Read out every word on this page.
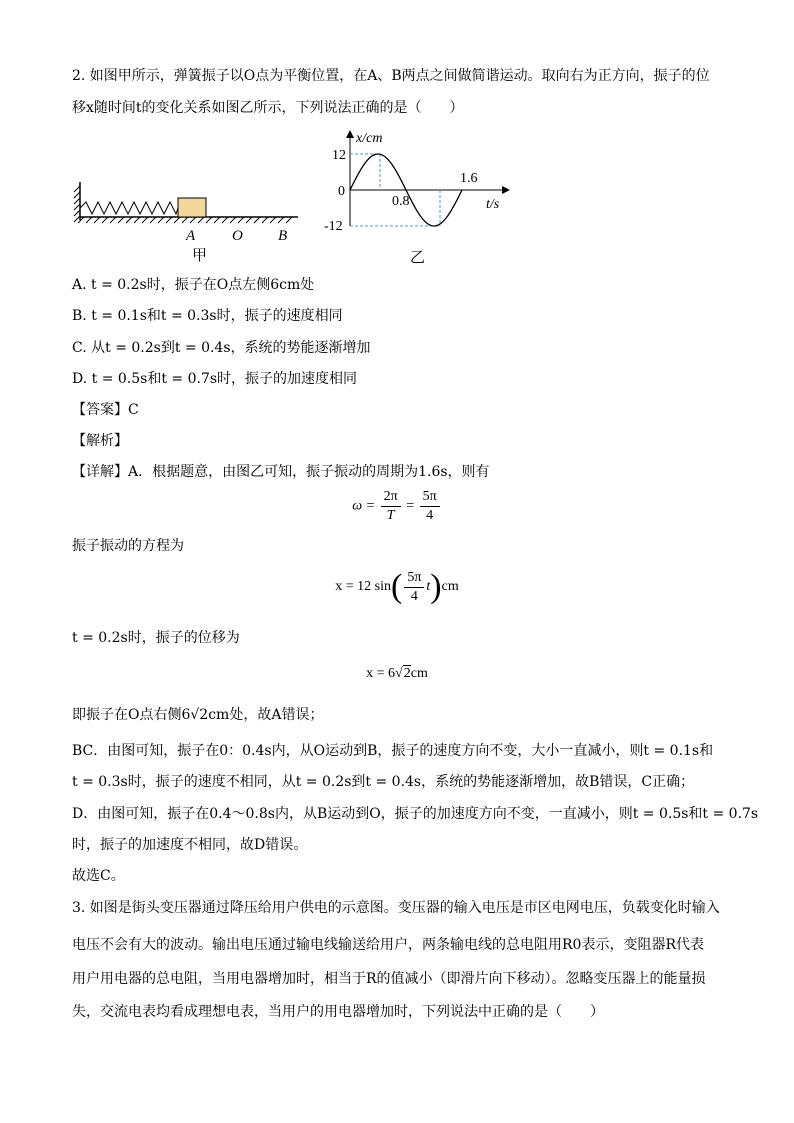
2. 如图甲所示，弹簧振子以O点为平衡位置，在A、B两点之间做简谐运动。取向右为正方向，振子的位
移x随时间t的变化关系如图乙所示，下列说法正确的是（　　）
A O B
甲
x/cm
t/s
12
0
-12
0.8
1.6
乙
A. t = 0.2s时，振子在O点左侧6cm处
B. t = 0.1s和t = 0.3s时，振子的速度相同
C. 从t = 0.2s到t = 0.4s，系统的势能逐渐增加
D. t = 0.5s和t = 0.7s时，振子的加速度相同
【答案】C
【解析】
【详解】A．根据题意，由图乙可知，振子振动的周期为1.6s，则有
$\omega = \frac{2\pi}{T} = \frac{5\pi}{4}$
振子振动的方程为
x = 12 $\sin( \frac{5\pi}{4} t)cm$
t = 0.2s时，振子的位移为
x = 6√2cm
即振子在O点右侧6√2cm处，故A错误；
BC．由图可知，振子在0：0.4s内，从O运动到B，振子的速度方向不变，大小一直减小，则t = 0.1s和
t = 0.3s时，振子的速度不相同，从t = 0.2s到t = 0.4s，系统的势能逐渐增加，故B错误，C正确；
D．由图可知，振子在0.4～0.8s内，从B运动到O，振子的加速度方向不变，一直减小，则t = 0.5s和t = 0.7s
时，振子的加速度不相同，故D错误。
故选C。
3. 如图是街头变压器通过降压给用户供电的示意图。变压器的输入电压是市区电网电压，负载变化时输入
电压不会有大的波动。输出电压通过输电线输送给用户，两条输电线的总电阻用R0表示，变阻器R代表
用户用电器的总电阻，当用电器增加时，相当于R的值减小（即滑片向下移动）。忽略变压器上的能量损
失，交流电表均看成理想电表，当用户的用电器增加时，下列说法中正确的是（　　）
